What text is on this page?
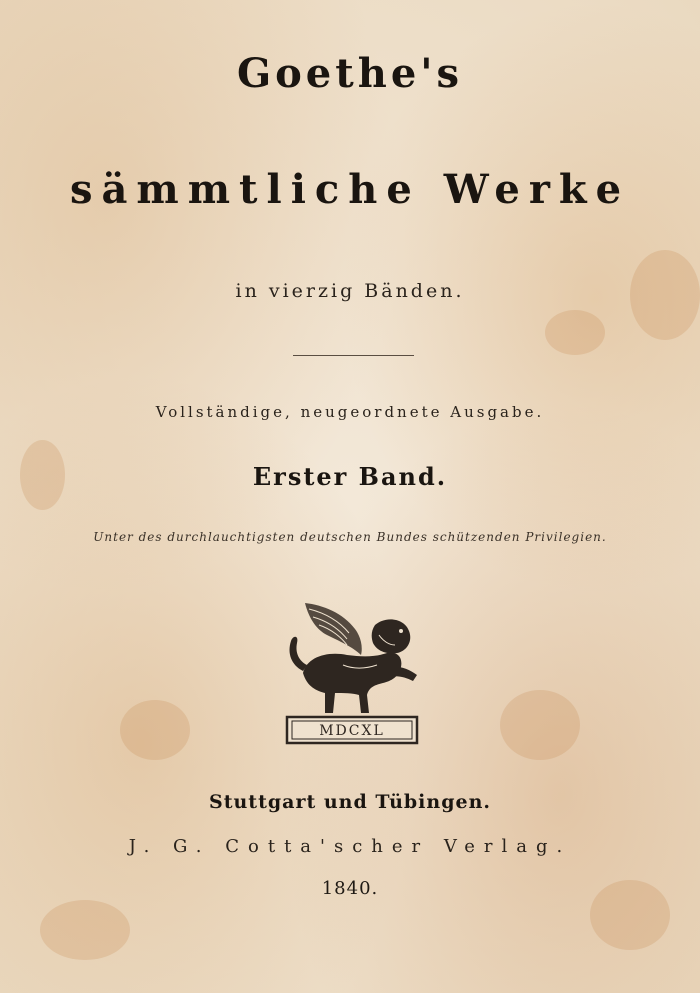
Goethe's
sämmtliche Werke
in vierzig Bänden.
Vollständige, neugeordnete Ausgabe.
Erster Band.
Unter des durchlauchtigsten deutschen Bundes schützenden Privilegien.
MDCXL
Stuttgart und Tübingen.
J. G. Cotta'scher Verlag.
1840.
